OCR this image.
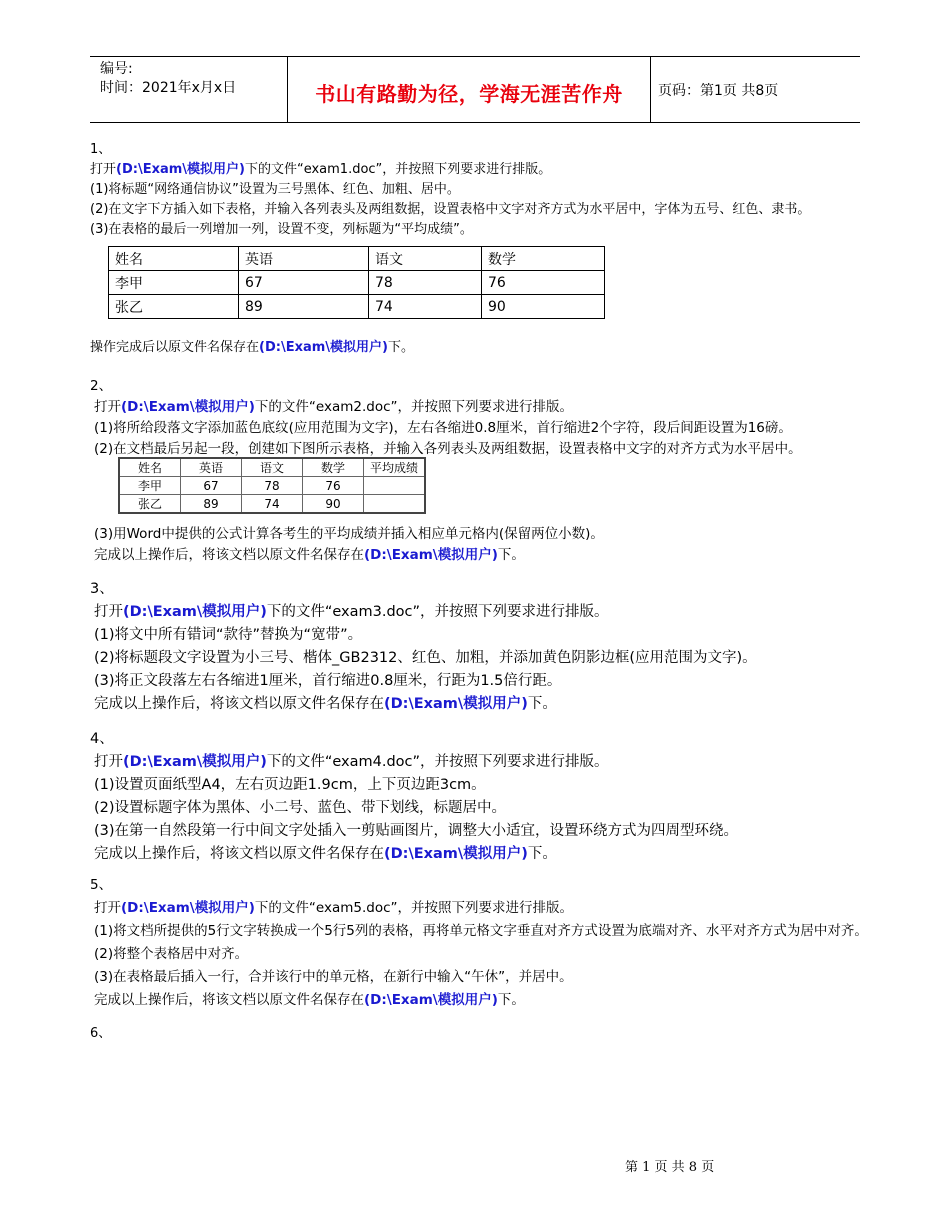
编号:
时间：2021年x月x日	书山有路勤为径，学海无涯苦作舟	页码：第1页 共8页
1、
打开(D:\Exam\模拟用户)下的文件“exam1.doc”，并按照下列要求进行排版。
(1)将标题“网络通信协议”设置为三号黑体、红色、加粗、居中。
(2)在文字下方插入如下表格，并输入各列表头及两组数据，设置表格中文字对齐方式为水平居中，字体为五号、红色、隶书。
(3)在表格的最后一列增加一列，设置不变，列标题为“平均成绩”。
姓名	英语	语文	数学
李甲	67	78	76
张乙	89	74	90
操作完成后以原文件名保存在(D:\Exam\模拟用户)下。
2、
打开(D:\Exam\模拟用户)下的文件“exam2.doc”，并按照下列要求进行排版。
(1)将所给段落文字添加蓝色底纹(应用范围为文字)，左右各缩进0.8厘米，首行缩进2个字符，段后间距设置为16磅。
(2)在文档最后另起一段，创建如下图所示表格，并输入各列表头及两组数据，设置表格中文字的对齐方式为水平居中。
姓名	英语	语文	数学	平均成绩
李甲	67	78	76	
张乙	89	74	90	
(3)用Word中提供的公式计算各考生的平均成绩并插入相应单元格内(保留两位小数)。
完成以上操作后，将该文档以原文件名保存在(D:\Exam\模拟用户)下。
3、
打开(D:\Exam\模拟用户)下的文件“exam3.doc”，并按照下列要求进行排版。
(1)将文中所有错词“款待”替换为“宽带”。
(2)将标题段文字设置为小三号、楷体_GB2312、红色、加粗，并添加黄色阴影边框(应用范围为文字)。
(3)将正文段落左右各缩进1厘米，首行缩进0.8厘米，行距为1.5倍行距。
完成以上操作后，将该文档以原文件名保存在(D:\Exam\模拟用户)下。
4、
打开(D:\Exam\模拟用户)下的文件“exam4.doc”，并按照下列要求进行排版。
(1)设置页面纸型A4，左右页边距1.9cm，上下页边距3cm。
(2)设置标题字体为黑体、小二号、蓝色、带下划线，标题居中。
(3)在第一自然段第一行中间文字处插入一剪贴画图片，调整大小适宜，设置环绕方式为四周型环绕。
完成以上操作后，将该文档以原文件名保存在(D:\Exam\模拟用户)下。
5、
打开(D:\Exam\模拟用户)下的文件“exam5.doc”，并按照下列要求进行排版。
(1)将文档所提供的5行文字转换成一个5行5列的表格，再将单元格文字垂直对齐方式设置为底端对齐、水平对齐方式为居中对齐。
(2)将整个表格居中对齐。
(3)在表格最后插入一行，合并该行中的单元格，在新行中输入“午休”，并居中。
完成以上操作后，将该文档以原文件名保存在(D:\Exam\模拟用户)下。
6、
第 1 页 共 8 页
